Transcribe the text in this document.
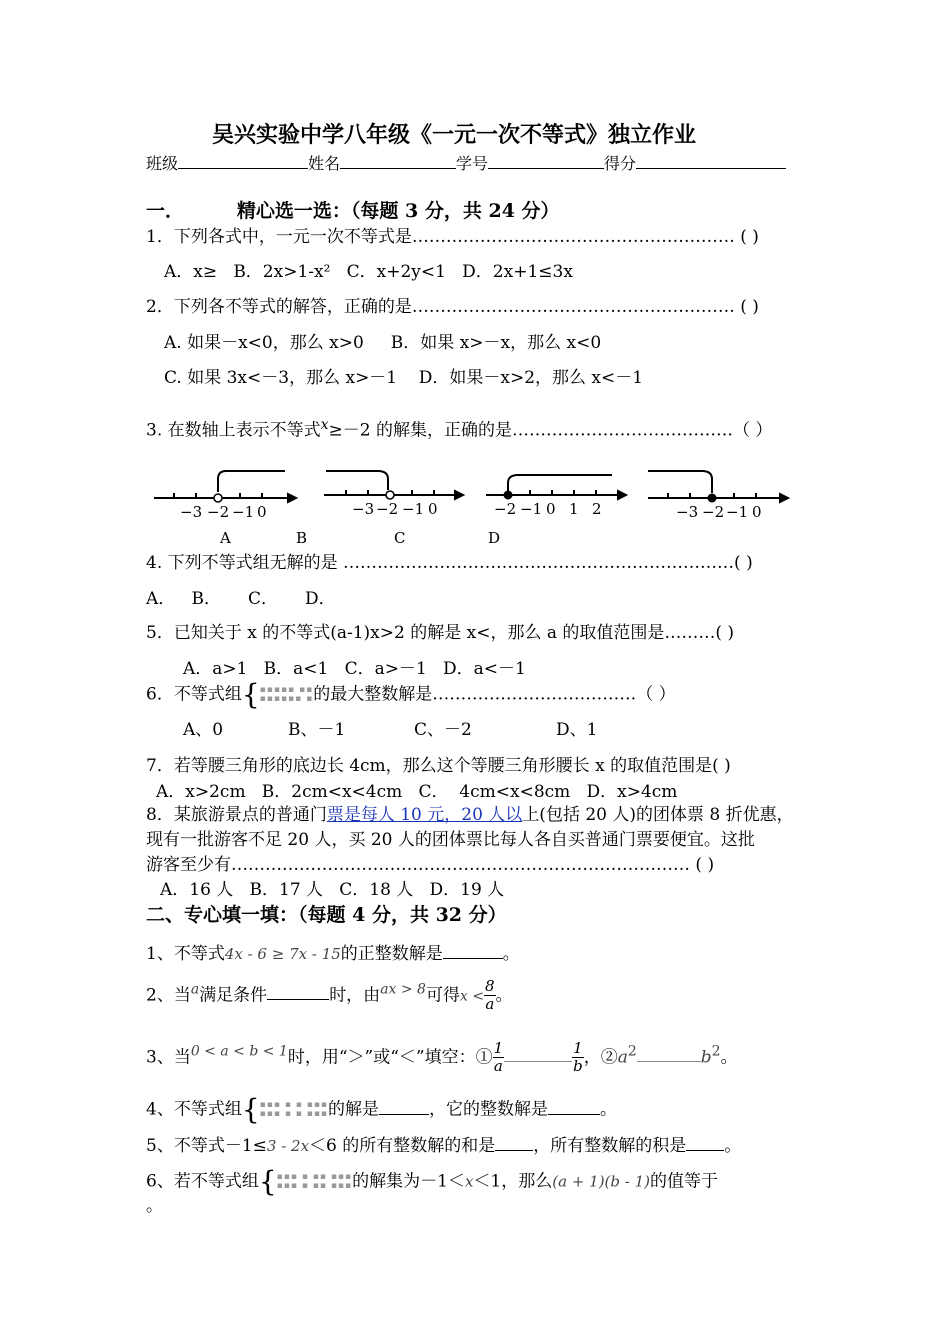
吴兴实验中学八年级《一元一次不等式》独立作业
班级	姓名	学号	得分
一．        精心选一选：（每题 3 分，共 24 分）
1．下列各式中，一元一次不等式是………………………………………………… ( )
A．x≥   B．2x>1-x²   C．x+2y<1   D．2x+1≤3x
2．下列各不等式的解答，正确的是………………………………………………… ( )
A. 如果－x<0，那么 x>0     B．如果 x>－x，那么 x<0
C. 如果 3x<－3，那么 x>－1    D．如果－x>2，那么 x<－1
3. 在数轴上表示不等式$^x$≥－2 的解集，正确的是…………………………………（ ）
−3 −2 −1 0	−3 −2 −1 0	−2 −1 0 1 2	−3 −2 −1 0
A	B	C	D
4. 下列不等式组无解的是 ……………………………………………………………( )
A．   B．     C．     D．
5．已知关于 x 的不等式(a-1)x>2 的解是 x<，那么 a 的取值范围是………( )
A．a>1   B．a<1   C．a>－1   D．a<－1
6．不等式组{▪▪▪▪▪ ▪▪
▪▪▪▪▪▪ ▪的最大整数解是………………………………（ ）
A、0	B、－1	C、－2	D、1
7．若等腰三角形的底边长 4cm，那么这个等腰三角形腰长 x 的取值范围是( )
A．x>2cm   B．2cm<x<4cm   C．  4cm<x<8cm   D．x>4cm
8．某旅游景点的普通门票是每人 10 元，20 人以上(包括 20 人)的团体票 8 折优惠，
现有一批游客不足 20 人，买 20 人的团体票比每人各自买普通门票要便宜。这批
游客至少有……………………………………………………………………… ( )
A．16 人   B．17 人   C．18 人   D．19 人
二、专心填一填：（每题 4 分，共 32 分）
1、不等式4x - 6 ≥ 7x - 15的正整数解是	。
2、当$^a$满足条件	时，由$^{ax > 8}$可得$x < \frac{8}{a}$ 。
3、当$^{0 < a < b < 1}$时，用“＞”或“＜”填空：① $\frac{1}{a}$	$\frac{1}{b}$ ，$②a^2$	$b^2$。
4、不等式组{▪▪▪ ▪ ▪ ▪▪▪
▪▪▪ ▪ ▪ ▪▪▪的解是	，它的整数解是	。
5、不等式－1≤3 - 2x＜6 的所有整数解的和是 ，所有整数解的积是 。
6、若不等式组{▪▪▪ ▪ ▪▪ ▪▪▪
▪▪▪ ▪ ▪▪ ▪▪▪的解集为－1＜x＜1，那么(a + 1)(b - 1)的值等于
。
